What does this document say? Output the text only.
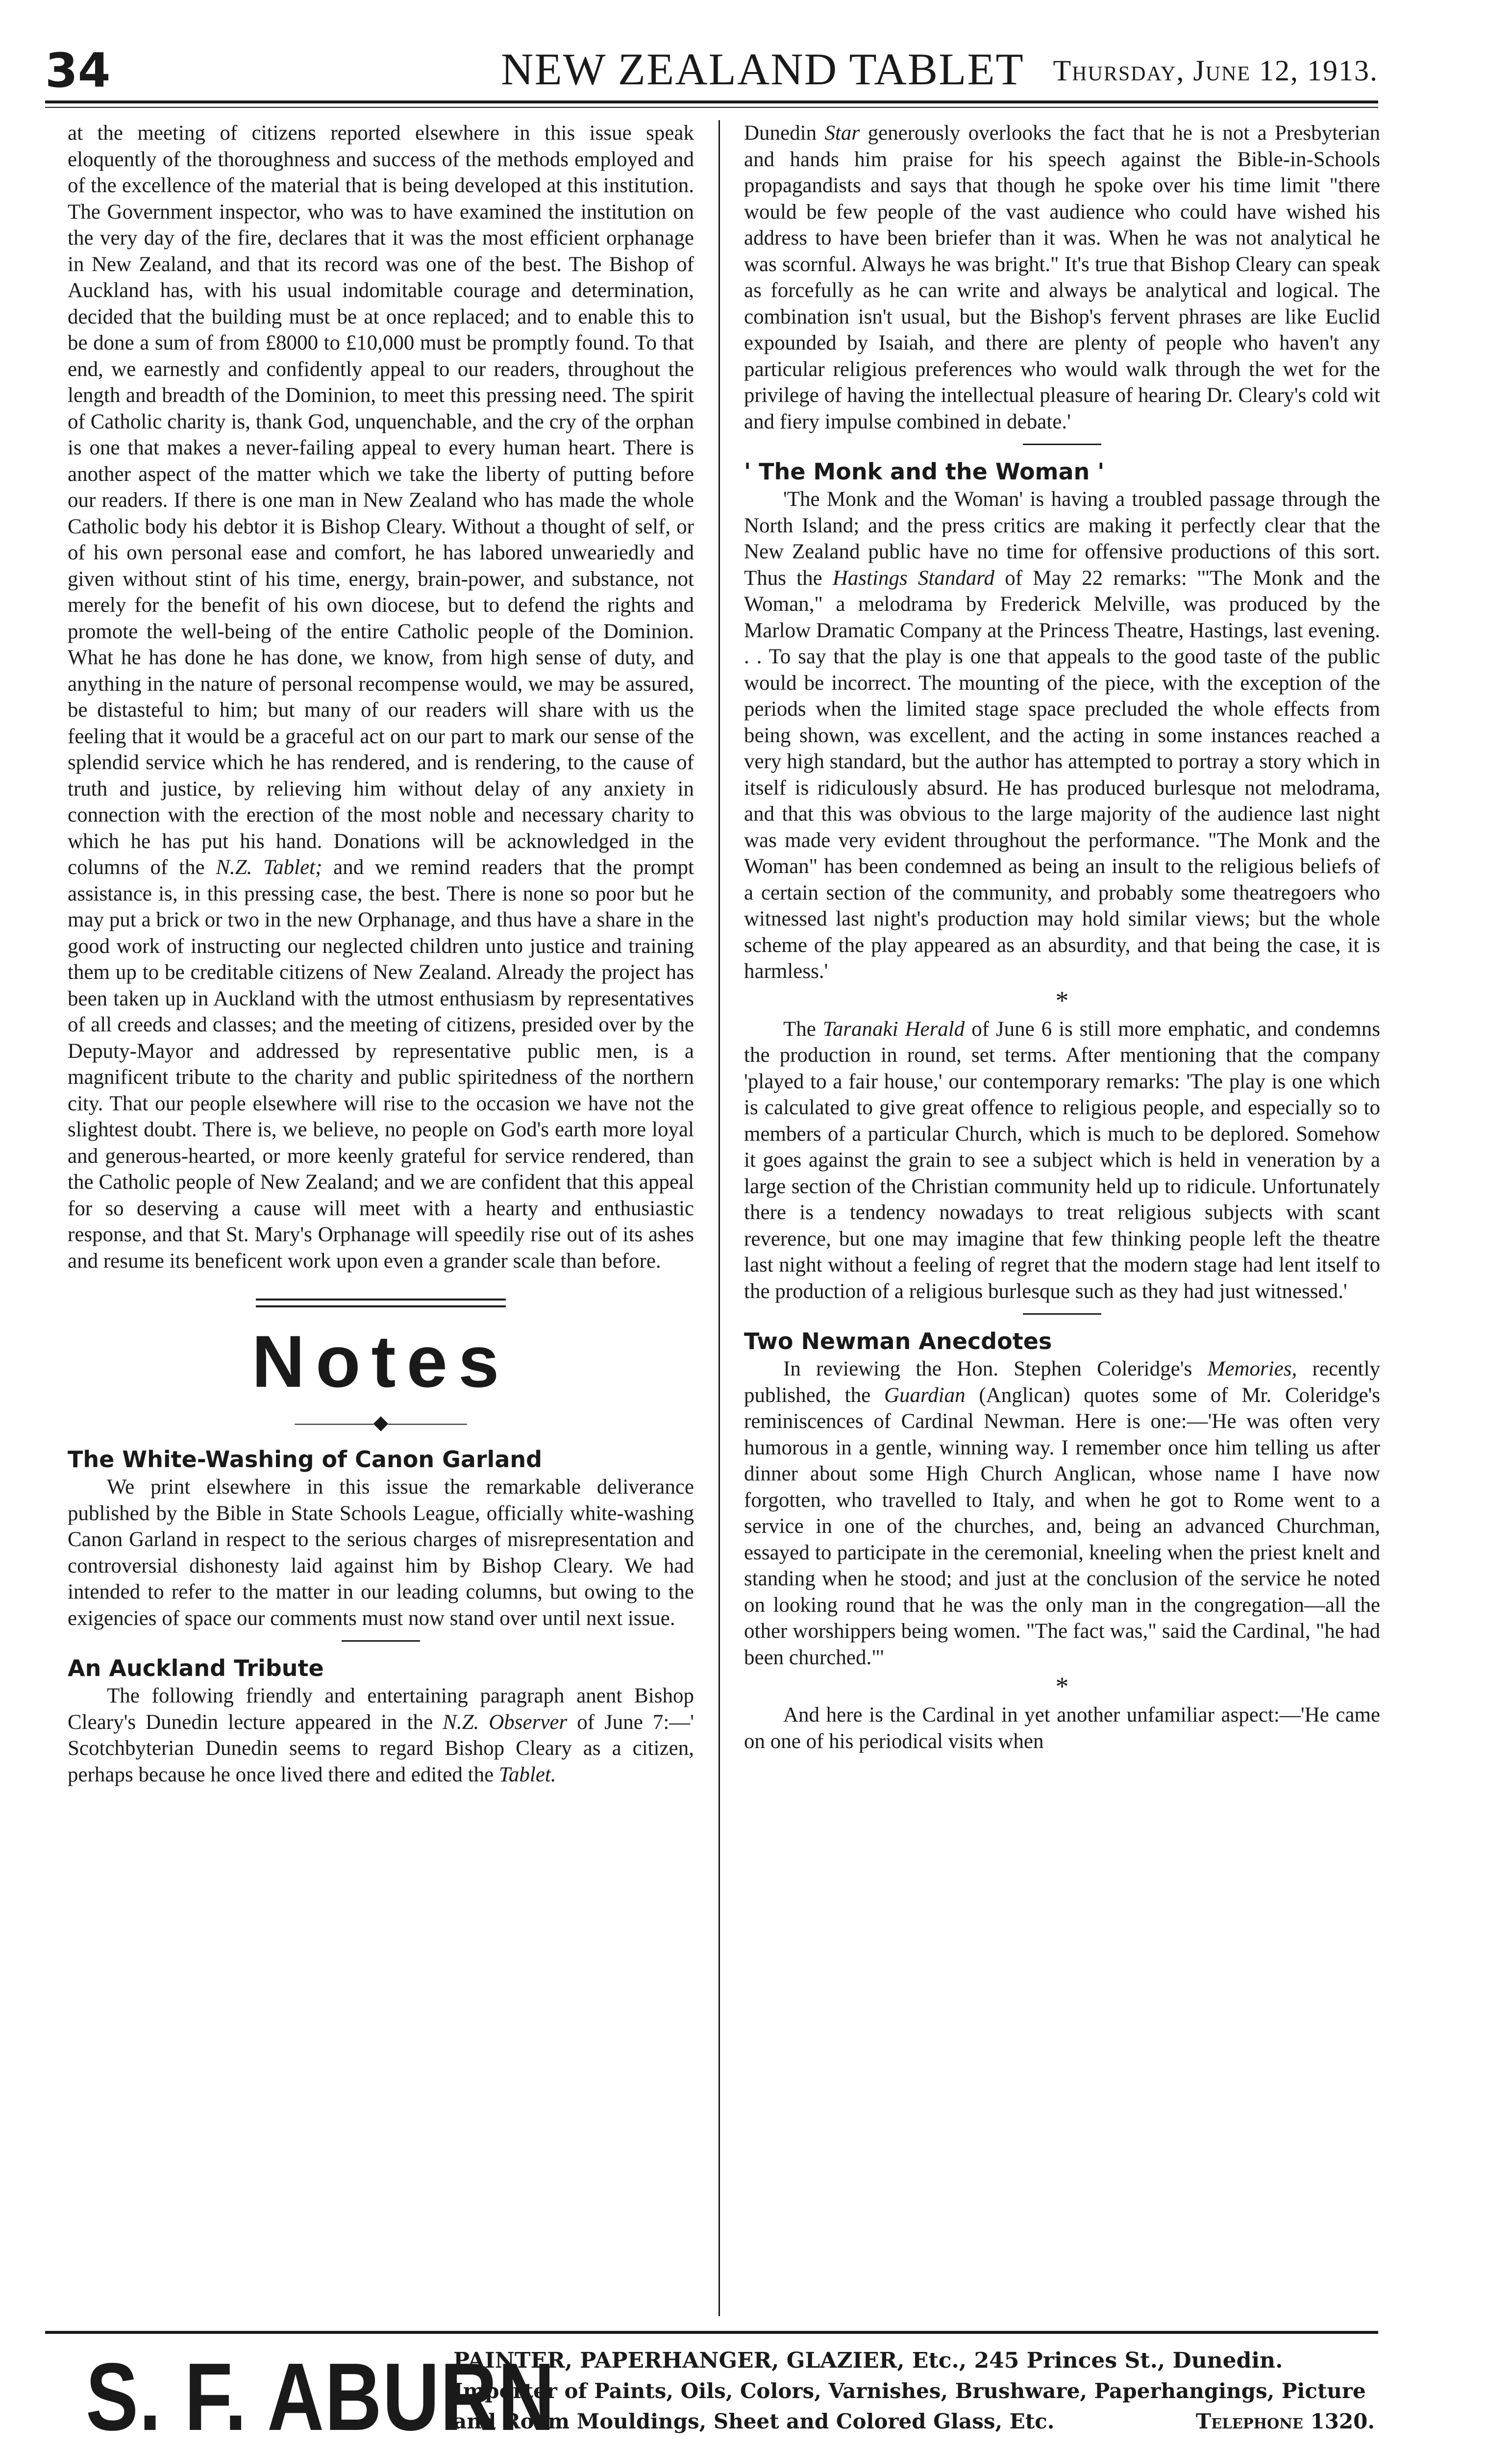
34	NEW ZEALAND TABLET Thursday, June 12, 1913.

at the meeting of citizens reported elsewhere in this issue speak eloquently of the thoroughness and success of the methods employed and of the excellence of the material that is being developed at this institution. The Government inspector, who was to have examined the institution on the very day of the fire, declares that it was the most efficient orphanage in New Zealand, and that its record was one of the best. The Bishop of Auckland has, with his usual indomitable courage and determination, decided that the building must be at once replaced; and to enable this to be done a sum of from £8000 to £10,000 must be promptly found. To that end, we earnestly and confidently appeal to our readers, throughout the length and breadth of the Dominion, to meet this pressing need. The spirit of Catholic charity is, thank God, unquenchable, and the cry of the orphan is one that makes a never-failing appeal to every human heart. There is another aspect of the matter which we take the liberty of putting before our readers. If there is one man in New Zealand who has made the whole Catholic body his debtor it is Bishop Cleary. Without a thought of self, or of his own personal ease and comfort, he has labored unweariedly and given without stint of his time, energy, brain-power, and substance, not merely for the benefit of his own diocese, but to defend the rights and promote the well-being of the entire Catholic people of the Dominion. What he has done he has done, we know, from high sense of duty, and anything in the nature of personal recompense would, we may be assured, be distasteful to him; but many of our readers will share with us the feeling that it would be a graceful act on our part to mark our sense of the splendid service which he has rendered, and is rendering, to the cause of truth and justice, by relieving him without delay of any anxiety in connection with the erection of the most noble and necessary charity to which he has put his hand. Donations will be acknowledged in the columns of the N.Z. Tablet; and we remind readers that the prompt assistance is, in this pressing case, the best. There is none so poor but he may put a brick or two in the new Orphanage, and thus have a share in the good work of instructing our neglected children unto justice and training them up to be creditable citizens of New Zealand. Already the project has been taken up in Auckland with the utmost enthusiasm by representatives of all creeds and classes; and the meeting of citizens, presided over by the Deputy-Mayor and addressed by representative public men, is a magnificent tribute to the charity and public spiritedness of the northern city. That our people elsewhere will rise to the occasion we have not the slightest doubt. There is, we believe, no people on God's earth more loyal and generous-hearted, or more keenly grateful for service rendered, than the Catholic people of New Zealand; and we are confident that this appeal for so deserving a cause will meet with a hearty and enthusiastic response, and that St. Mary's Orphanage will speedily rise out of its ashes and resume its beneficent work upon even a grander scale than before.

Notes
————◆————
The White-Washing of Canon Garland

We print elsewhere in this issue the remarkable deliverance published by the Bible in State Schools League, officially white-washing Canon Garland in respect to the serious charges of misrepresentation and controversial dishonesty laid against him by Bishop Cleary. We had intended to refer to the matter in our leading columns, but owing to the exigencies of space our comments must now stand over until next issue.

An Auckland Tribute

The following friendly and entertaining paragraph anent Bishop Cleary's Dunedin lecture appeared in the N.Z. Observer of June 7:—' Scotchbyterian Dunedin seems to regard Bishop Cleary as a citizen, perhaps because he once lived there and edited the Tablet.

Dunedin Star generously overlooks the fact that he is not a Presbyterian and hands him praise for his speech against the Bible-in-Schools propagandists and says that though he spoke over his time limit "there would be few people of the vast audience who could have wished his address to have been briefer than it was. When he was not analytical he was scornful. Always he was bright." It's true that Bishop Cleary can speak as forcefully as he can write and always be analytical and logical. The combination isn't usual, but the Bishop's fervent phrases are like Euclid expounded by Isaiah, and there are plenty of people who haven't any particular religious preferences who would walk through the wet for the privilege of having the intellectual pleasure of hearing Dr. Cleary's cold wit and fiery impulse combined in debate.'

' The Monk and the Woman '

'The Monk and the Woman' is having a troubled passage through the North Island; and the press critics are making it perfectly clear that the New Zealand public have no time for offensive productions of this sort. Thus the Hastings Standard of May 22 remarks: '"The Monk and the Woman," a melodrama by Frederick Melville, was produced by the Marlow Dramatic Company at the Princess Theatre, Hastings, last evening. . . To say that the play is one that appeals to the good taste of the public would be incorrect. The mounting of the piece, with the exception of the periods when the limited stage space precluded the whole effects from being shown, was excellent, and the acting in some instances reached a very high standard, but the author has attempted to portray a story which in itself is ridiculously absurd. He has produced burlesque not melodrama, and that this was obvious to the large majority of the audience last night was made very evident throughout the performance. "The Monk and the Woman" has been condemned as being an insult to the religious beliefs of a certain section of the community, and probably some theatregoers who witnessed last night's production may hold similar views; but the whole scheme of the play appeared as an absurdity, and that being the case, it is harmless.'

*

The Taranaki Herald of June 6 is still more emphatic, and condemns the production in round, set terms. After mentioning that the company 'played to a fair house,' our contemporary remarks: 'The play is one which is calculated to give great offence to religious people, and especially so to members of a particular Church, which is much to be deplored. Somehow it goes against the grain to see a subject which is held in veneration by a large section of the Christian community held up to ridicule. Unfortunately there is a tendency nowadays to treat religious subjects with scant reverence, but one may imagine that few thinking people left the theatre last night without a feeling of regret that the modern stage had lent itself to the production of a religious burlesque such as they had just witnessed.'

Two Newman Anecdotes

In reviewing the Hon. Stephen Coleridge's Memories, recently published, the Guardian (Anglican) quotes some of Mr. Coleridge's reminiscences of Cardinal Newman. Here is one:—'He was often very humorous in a gentle, winning way. I remember once him telling us after dinner about some High Church Anglican, whose name I have now forgotten, who travelled to Italy, and when he got to Rome went to a service in one of the churches, and, being an advanced Churchman, essayed to participate in the ceremonial, kneeling when the priest knelt and standing when he stood; and just at the conclusion of the service he noted on looking round that he was the only man in the congregation—all the other worshippers being women. "The fact was," said the Cardinal, "he had been churched."'

*

And here is the Cardinal in yet another unfamiliar aspect:—'He came on one of his periodical visits when

S. F. ABURN
PAINTER, PAPERHANGER, GLAZIER, Etc., 245 Princes St., Dunedin.
Importer of Paints, Oils, Colors, Varnishes, Brushware, Paperhangings, Picture
and Room Mouldings, Sheet and Colored Glass, Etc.	Telephone 1320.
